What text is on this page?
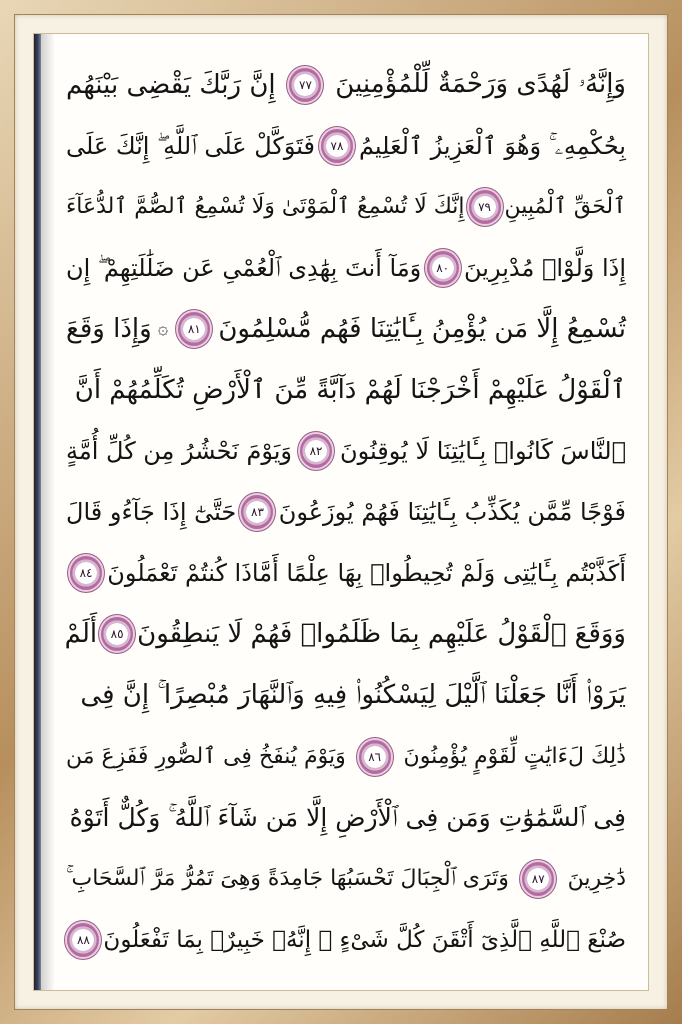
وَإِنَّهُۥ لَهُدًى وَرَحْمَةٌ لِّلْمُؤْمِنِينَ
٧٧
إِنَّ رَبَّكَ يَقْضِى بَيْنَهُم
بِحُكْمِهِۦ ۚ وَهُوَ ٱلْعَزِيزُ ٱلْعَلِيمُ
٧٨
فَتَوَكَّلْ عَلَى ٱللَّهِ ۖ إِنَّكَ عَلَى
ٱلْحَقِّ ٱلْمُبِينِ
٧٩
إِنَّكَ لَا تُسْمِعُ ٱلْمَوْتَىٰ وَلَا تُسْمِعُ ٱلصُّمَّ ٱلدُّعَآءَ
إِذَا وَلَّوْا۟ مُدْبِرِينَ
٨٠
وَمَآ أَنتَ بِهَٰدِى ٱلْعُمْىِ عَن ضَلَٰلَتِهِمْ ۖ إِن
تُسْمِعُ إِلَّا مَن يُؤْمِنُ بِـَٔايَٰتِنَا فَهُم مُّسْلِمُونَ
٨١
۞
وَإِذَا وَقَعَ
ٱلْقَوْلُ عَلَيْهِمْ أَخْرَجْنَا لَهُمْ دَآبَّةً مِّنَ ٱلْأَرْضِ تُكَلِّمُهُمْ أَنَّ
ٱلنَّاسَ كَانُوا۟ بِـَٔايَٰتِنَا لَا يُوقِنُونَ
٨٢
وَيَوْمَ نَحْشُرُ مِن كُلِّ أُمَّةٍ
فَوْجًا مِّمَّن يُكَذِّبُ بِـَٔايَٰتِنَا فَهُمْ يُوزَعُونَ
٨٣
حَتَّىٰٓ إِذَا جَآءُو قَالَ
أَكَذَّبْتُم بِـَٔايَٰتِى وَلَمْ تُحِيطُوا۟ بِهَا عِلْمًا أَمَّاذَا كُنتُمْ تَعْمَلُونَ
٨٤
وَوَقَعَ ٱلْقَوْلُ عَلَيْهِم بِمَا ظَلَمُوا۟ فَهُمْ لَا يَنطِقُونَ
٨٥
أَلَمْ
يَرَوْا۟ أَنَّا جَعَلْنَا ٱلَّيْلَ لِيَسْكُنُوا۟ فِيهِ وَٱلنَّهَارَ مُبْصِرًا ۚ إِنَّ فِى
ذَٰلِكَ لَءَايَٰتٍ لِّقَوْمٍ يُؤْمِنُونَ
٨٦
وَيَوْمَ يُنفَخُ فِى ٱلصُّورِ فَفَزِعَ مَن
فِى ٱلسَّمَٰوَٰتِ وَمَن فِى ٱلْأَرْضِ إِلَّا مَن شَآءَ ٱللَّهُ ۚ وَكُلٌّ أَتَوْهُ
دَٰخِرِينَ
٨٧
وَتَرَى ٱلْجِبَالَ تَحْسَبُهَا جَامِدَةً وَهِىَ تَمُرُّ مَرَّ ٱلسَّحَابِ ۚ
صُنْعَ ٱللَّهِ ٱلَّذِىٓ أَتْقَنَ كُلَّ شَىْءٍ ۚ إِنَّهُۥ خَبِيرٌۢ بِمَا تَفْعَلُونَ
٨٨
